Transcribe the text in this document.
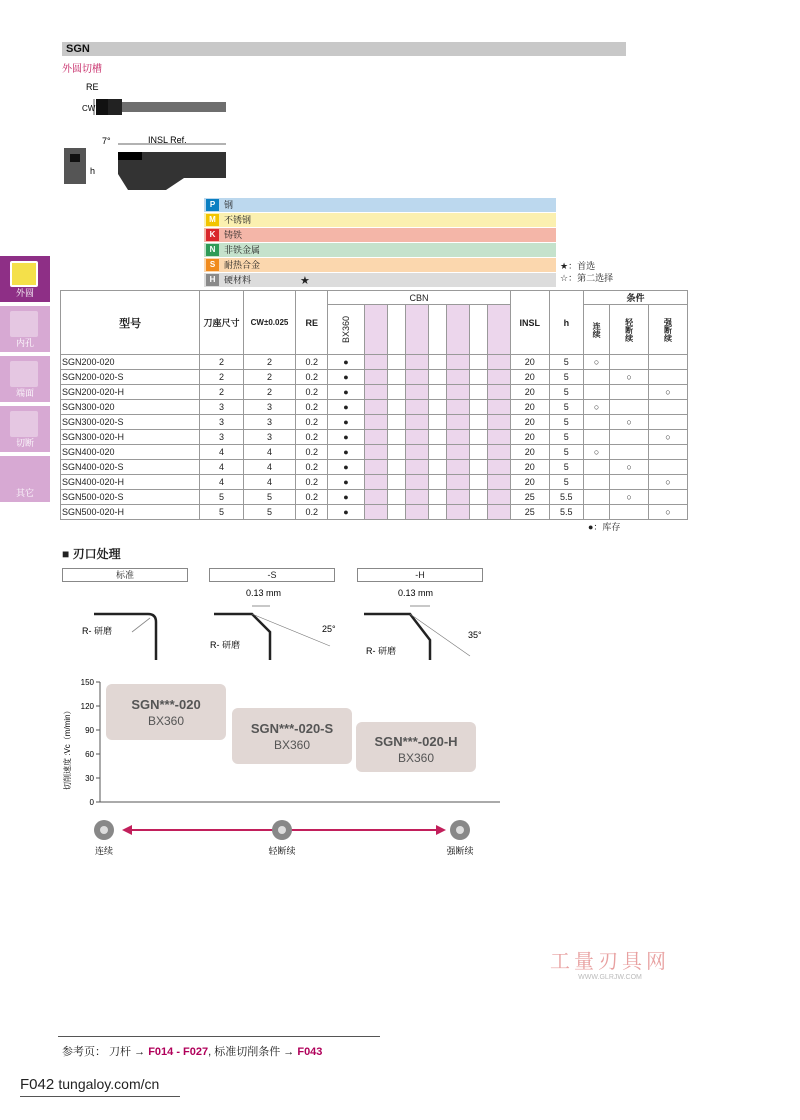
SGN
外圆切槽
外圆
内孔
端面
切断
其它
RE
CW
INSL Ref.
7°
h
P 钢
M 不锈钢
K 铸铁
N 非铁金属
S 耐热合金
H 硬材料	★
★：首选
☆：第二选择
型号	刀座尺寸	CW±0.025	RE	CBN								INSL	h	条件		

				BX360										连续	轻断续	强断续

SGN200-020	2	2	0.2	●								20	5	○		
SGN200-020-S	2	2	0.2	●								20	5		○	
SGN200-020-H	2	2	0.2	●								20	5			○
SGN300-020	3	3	0.2	●								20	5	○		
SGN300-020-S	3	3	0.2	●								20	5		○	
SGN300-020-H	3	3	0.2	●								20	5			○
SGN400-020	4	4	0.2	●								20	5	○		
SGN400-020-S	4	4	0.2	●								20	5		○	
SGN400-020-H	4	4	0.2	●								20	5			○
SGN500-020-S	5	5	0.2	●								25	5.5		○	
SGN500-020-H	5	5	0.2	●								25	5.5			○
●：库存
■ 刃口处理
标准	-S	-H
R- 研磨
0.13 mm
25°
R- 研磨
0.13 mm
35°
R- 研磨
切削速度 :Vc（m/min）
150
120
90
60
30
0
SGN***-020
BX360	SGN***-020-S
BX360	SGN***-020-H
BX360
连续	轻断续	强断续
工量刃具网
WWW.GLRJW.COM
参考页： 刀杆 → F014 - F027, 标准切削条件 → F043
F042 tungaloy.com/cn
